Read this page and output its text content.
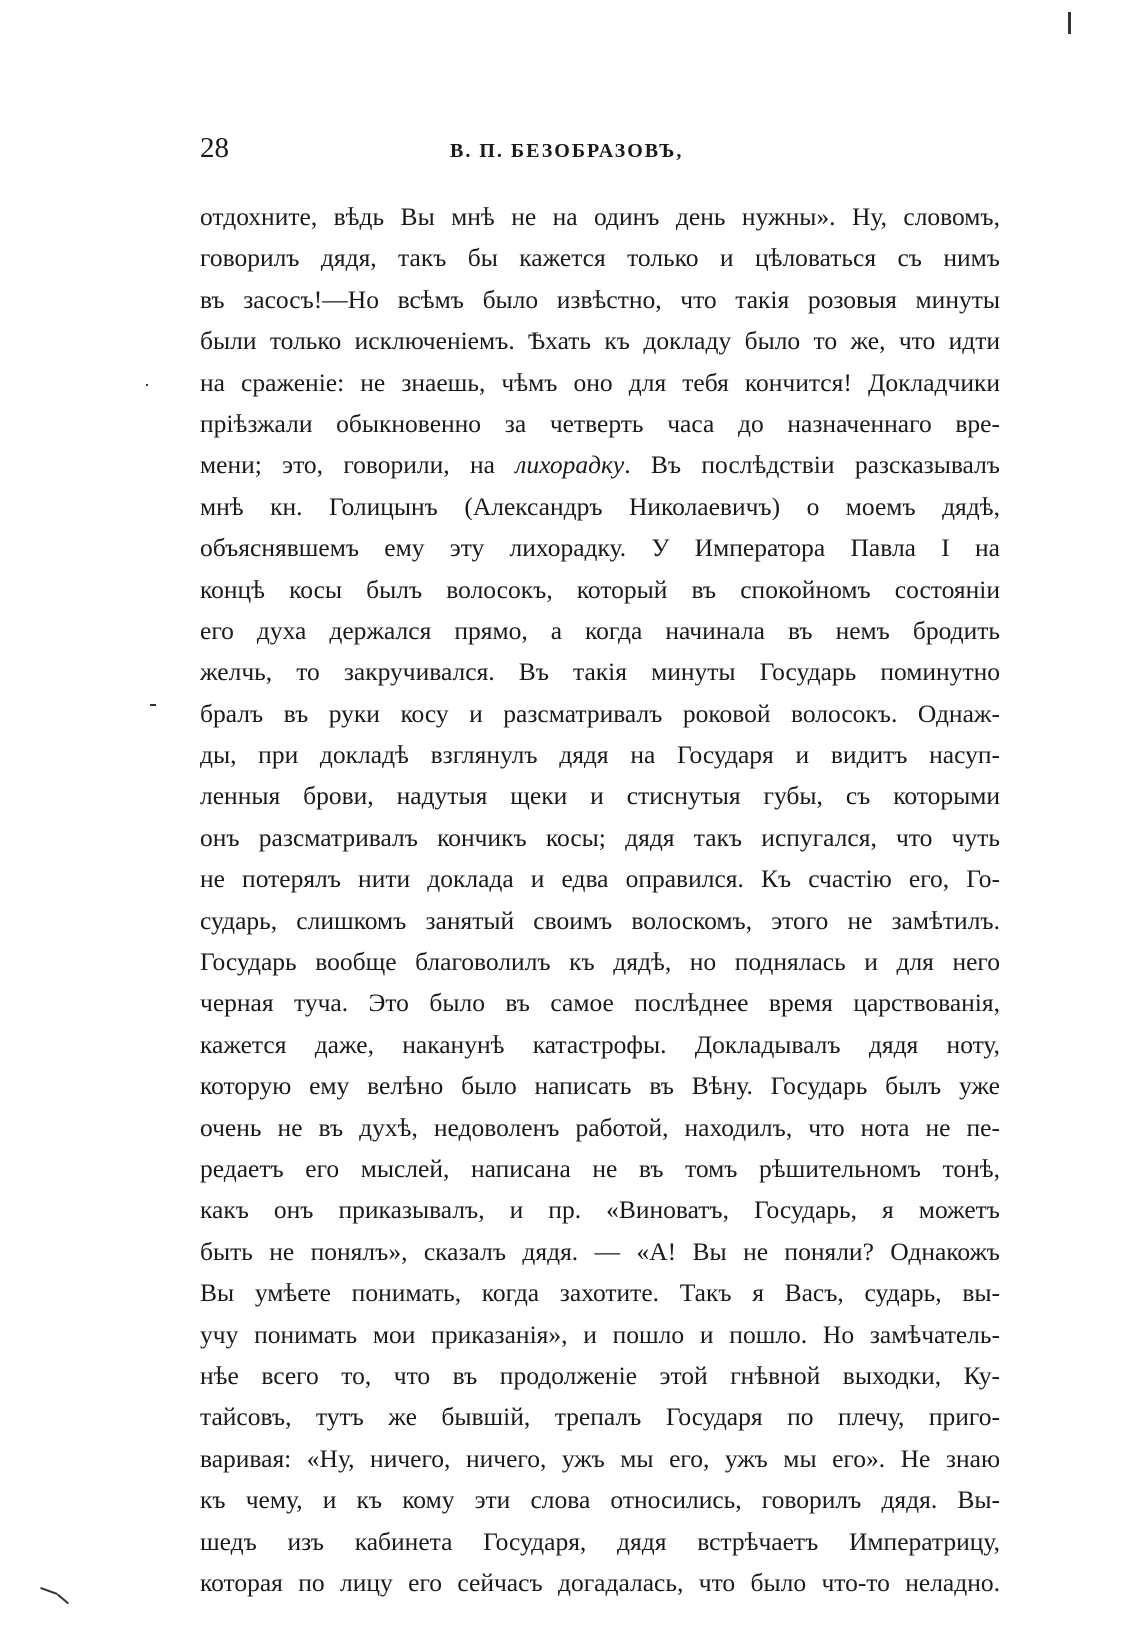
28	В. П. БЕЗОБРАЗОВЪ,
отдохните, вѣдь Вы мнѣ не на одинъ день нужны». Ну, словомъ,
говорилъ дядя, такъ бы кажется только и цѣловаться съ нимъ
въ засосъ!—Но всѣмъ было извѣстно, что такія розовыя минуты
были только исключеніемъ. Ѣхать къ докладу было то же, что идти
на сраженіе: не знаешь, чѣмъ оно для тебя кончится! Докладчики
пріѣзжали обыкновенно за четверть часа до назначеннаго вре-
мени; это, говорили, на лихорадку. Въ послѣдствіи разсказывалъ
мнѣ кн. Голицынъ (Александръ Николаевичъ) о моемъ дядѣ,
объяснявшемъ ему эту лихорадку. У Императора Павла I на
концѣ косы былъ волосокъ, который въ спокойномъ состояніи
его духа держался прямо, а когда начинала въ немъ бродить
желчь, то закручивался. Въ такія минуты Государь поминутно
бралъ въ руки косу и разсматривалъ роковой волосокъ. Однаж-
ды, при докладѣ взглянулъ дядя на Государя и видитъ насуп-
ленныя брови, надутыя щеки и стиснутыя губы, съ которыми
онъ разсматривалъ кончикъ косы; дядя такъ испугался, что чуть
не потерялъ нити доклада и едва оправился. Къ счастію его, Го-
сударь, слишкомъ занятый своимъ волоскомъ, этого не замѣтилъ.
Государь вообще благоволилъ къ дядѣ, но поднялась и для него
черная туча. Это было въ самое послѣднее время царствованія,
кажется даже, наканунѣ катастрофы. Докладывалъ дядя ноту,
которую ему велѣно было написать въ Вѣну. Государь былъ уже
очень не въ духѣ, недоволенъ работой, находилъ, что нота не пе-
редаетъ его мыслей, написана не въ томъ рѣшительномъ тонѣ,
какъ онъ приказывалъ, и пр. «Виноватъ, Государь, я можетъ
быть не понялъ», сказалъ дядя. — «А! Вы не поняли? Однакожъ
Вы умѣете понимать, когда захотите. Такъ я Васъ, сударь, вы-
учу понимать мои приказанія», и пошло и пошло. Но замѣчатель-
нѣе всего то, что въ продолженіе этой гнѣвной выходки, Ку-
тайсовъ, тутъ же бывшій, трепалъ Государя по плечу, приго-
варивая: «Ну, ничего, ничего, ужъ мы его, ужъ мы его». Не знаю
къ чему, и къ кому эти слова относились, говорилъ дядя. Вы-
шедъ изъ кабинета Государя, дядя встрѣчаетъ Императрицу,
которая по лицу его сейчасъ догадалась, что было что-то неладно.
